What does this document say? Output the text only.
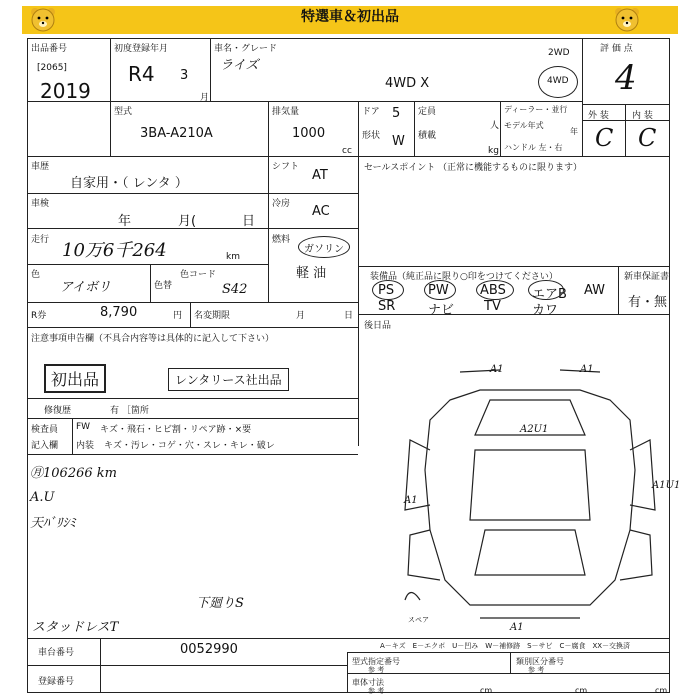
特選車＆初出品
出品番号
[2065]
2019
初度登録年月
R4 3
月
車名・グレード
ライズ
4WD X
2WD
4WD
評 価 点
4
外 装	内 装
C C
型式
3BA-A210A
排気量
1000
cc
ドア 5
形状 W
定員
人
積載
kg
ディーラー・並行
モデル年式
年
ハンドル 左・右
車歴
自家用・（ レンタ ）
シフト
AT
車検
年	月(	日
冷房 AC
走行 10万6千264	km
燃料
ガソリン
軽 油
色
アイボリ	色替
色コード
S42
R券	8,790	円 名変期限	月	日
セールスポイント （正常に機能するものに限ります）
装備品（純正品に限り○印をつけてください）	新車保証書
有・無
PS	PW ABS エアB AW
SR	ナビ TV カワ
後日品
注意事項申告欄（不具合内容等は具体的に記入して下さい）
初出品	レンタリース社出品
修復歴	有 ［箇所
検査員
記入欄
FW キズ・飛石・ヒビ割・リペア跡・×要
内装 キズ・汚レ・コゲ・穴・スレ・キレ・破レ
㊊106266 km
A.U
天ﾊﾞﾘｼﾐ
下廻りS
スタッドレスT
A1	A1
A2U1
A1
A1U1
A1
スペア
車台番号	0052990
登録番号
A－キズ　E－エクボ　U－凹み　W－補修跡　S－サビ　C－腐食　XX－交換済
型式指定番号
参 考
類別区分番号
参 考
車体寸法
参 考	cm	cm	cm
